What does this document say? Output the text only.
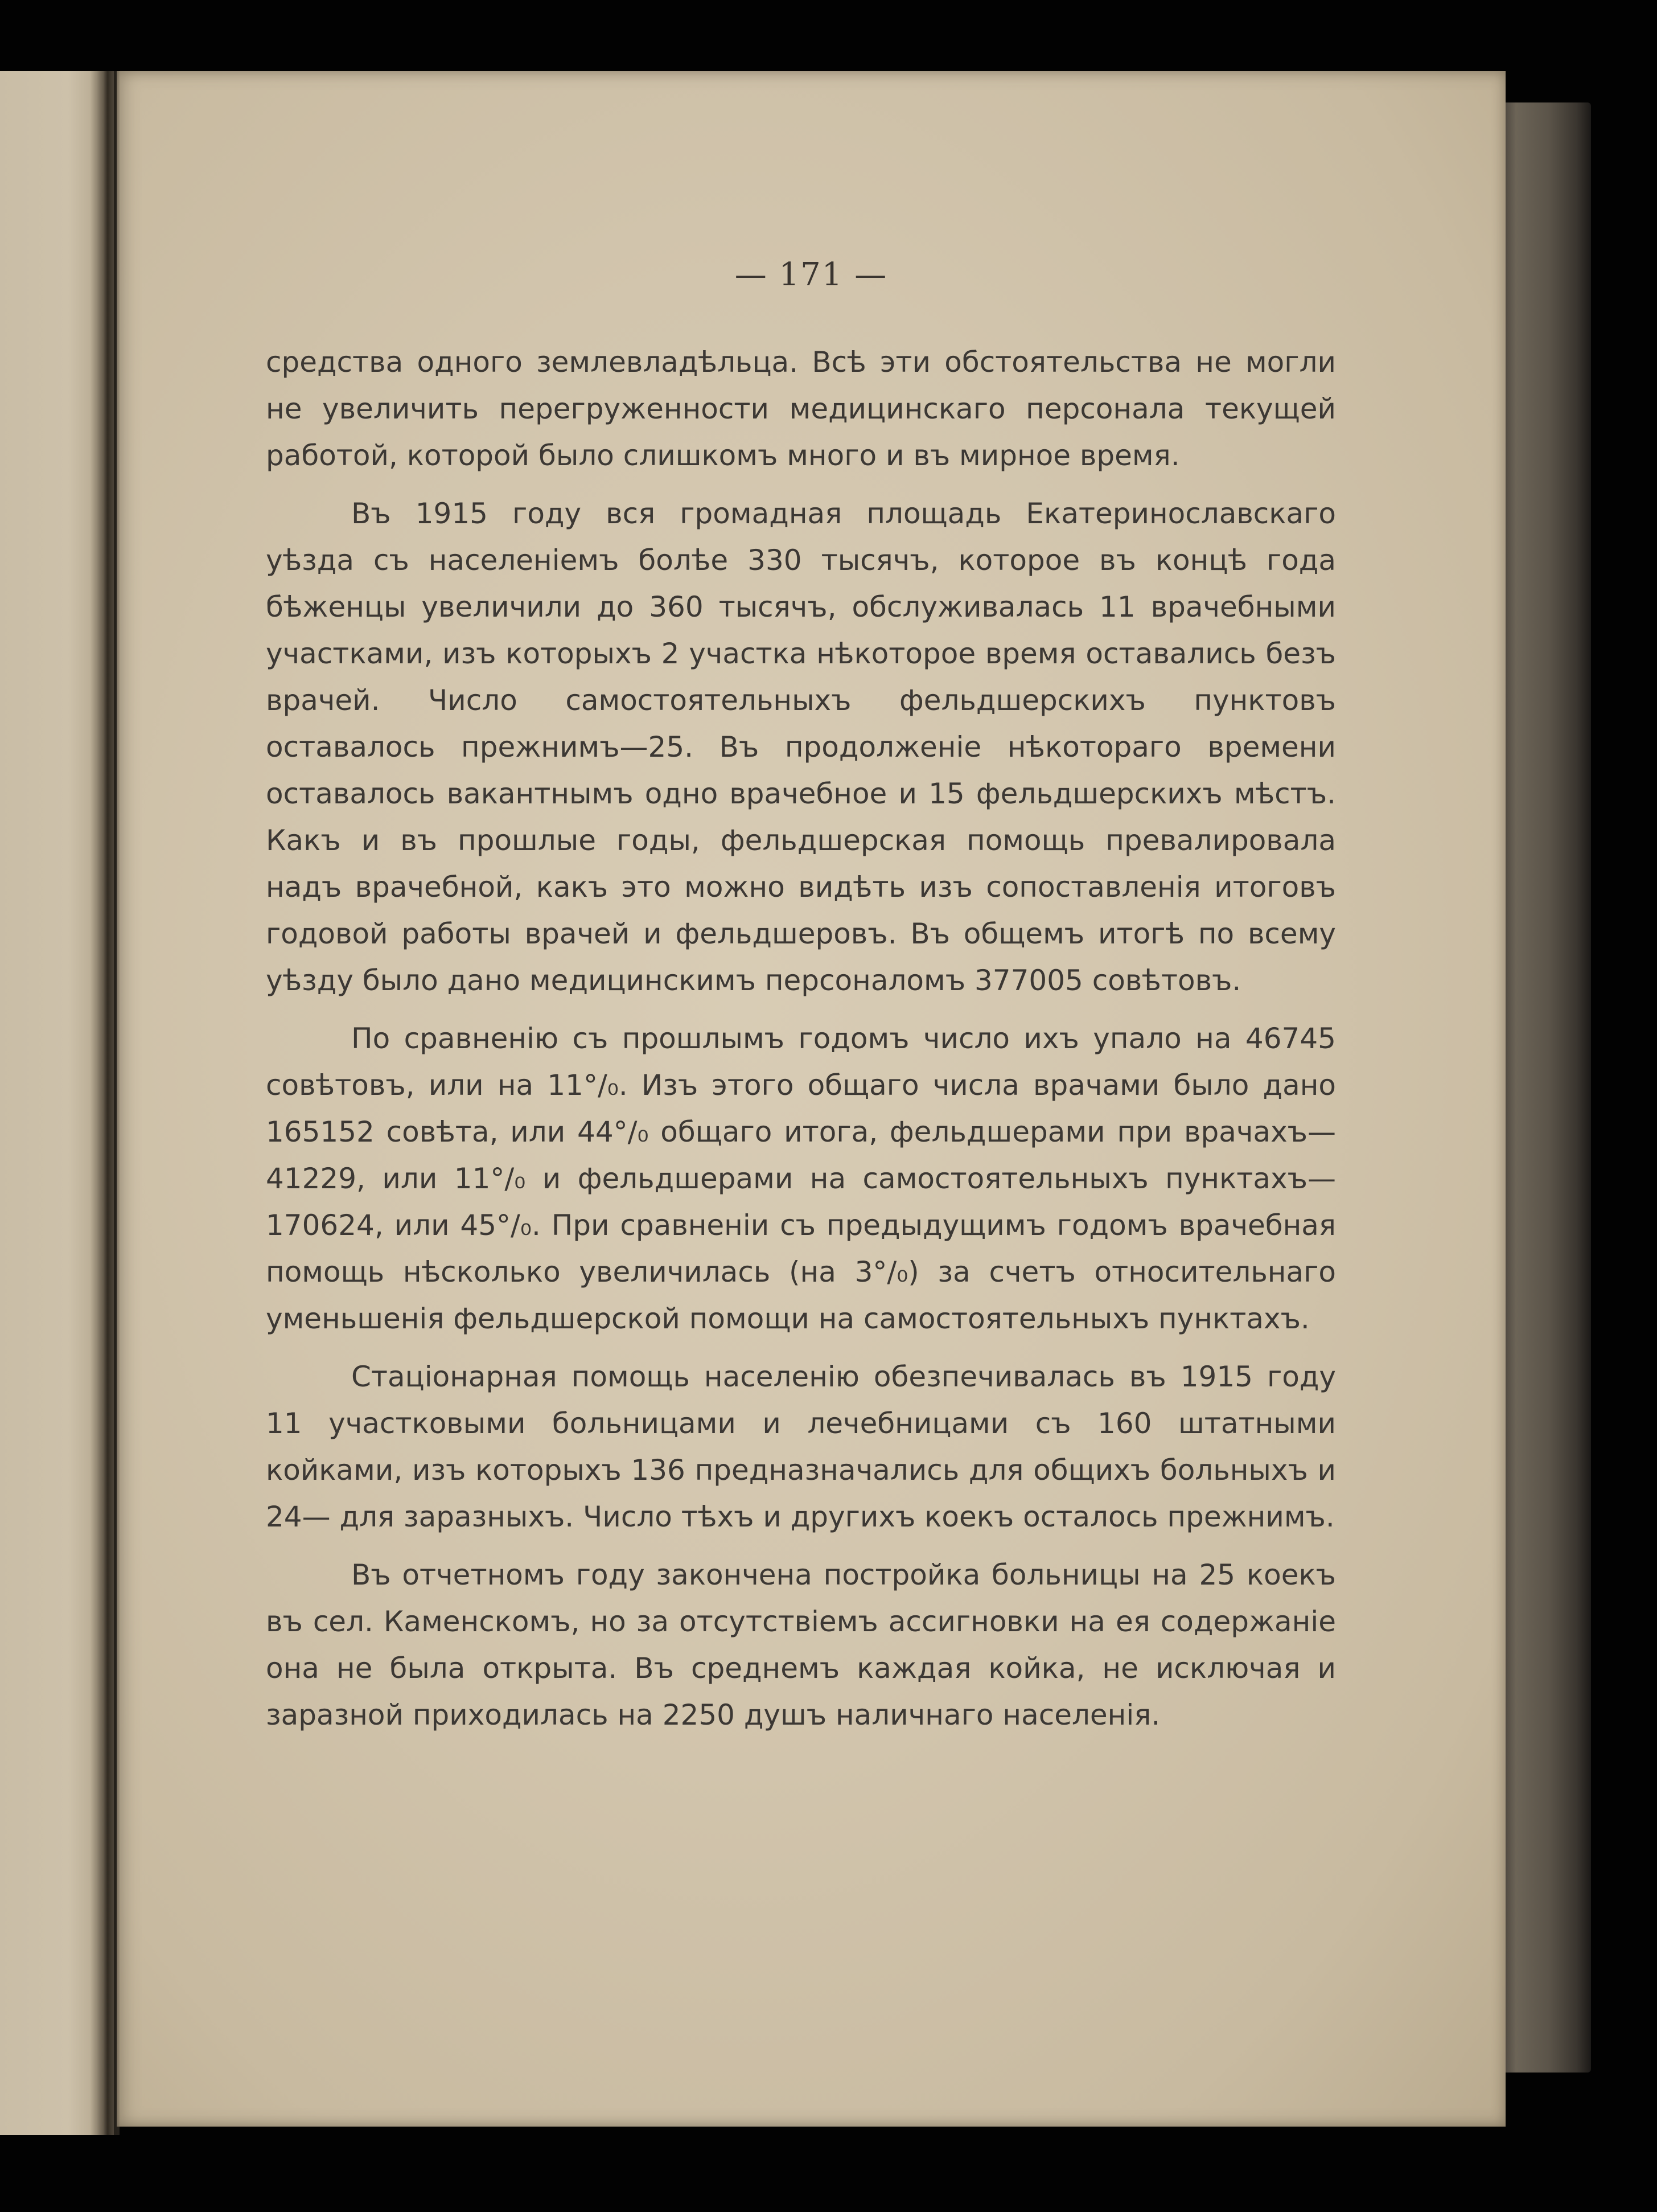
— 171 —

средства одного землевладѣльца. Всѣ эти обстоятельства не могли не увеличить перегруженности медицинскаго персонала текущей работой, которой было слишкомъ много и въ мирное время.

Въ 1915 году вся громадная площадь Екатеринославскаго уѣзда съ населеніемъ болѣе 330 тысячъ, которое въ концѣ года бѣженцы увеличили до 360 тысячъ, обслуживалась 11 врачебными участками, изъ которыхъ 2 участка нѣкоторое время оставались безъ врачей. Число самостоятельныхъ фельдшерскихъ пунктовъ оставалось прежнимъ—25. Въ продолженіе нѣкотораго времени оставалось вакантнымъ одно врачебное и 15 фельдшерскихъ мѣстъ. Какъ и въ прошлые годы, фельдшерская помощь превалировала надъ врачебной, какъ это можно видѣть изъ сопоставленія итоговъ годовой работы врачей и фельдшеровъ. Въ общемъ итогѣ по всему уѣзду было дано медицинскимъ персоналомъ 377005 совѣтовъ.

По сравненію съ прошлымъ годомъ число ихъ упало на 46745 совѣтовъ, или на 11°/₀. Изъ этого общаго числа врачами было дано 165152 совѣта, или 44°/₀ общаго итога, фельдшерами при врачахъ—41229, или 11°/₀ и фельдшерами на самостоятельныхъ пунктахъ—170624, или 45°/₀. При сравненіи съ предыдущимъ годомъ врачебная помощь нѣсколько увеличилась (на 3°/₀) за счетъ относительнаго уменьшенія фельдшерской помощи на самостоятельныхъ пунктахъ.

Стаціонарная помощь населенію обезпечивалась въ 1915 году 11 участковыми больницами и лечебницами съ 160 штатными койками, изъ которыхъ 136 предназначались для общихъ больныхъ и 24— для заразныхъ. Число тѣхъ и другихъ коекъ осталось прежнимъ.

Въ отчетномъ году закончена постройка больницы на 25 коекъ въ сел. Каменскомъ, но за отсутствіемъ ассигновки на ея содержаніе она не была открыта. Въ среднемъ каждая койка, не исключая и заразной приходилась на 2250 душъ наличнаго населенія.
